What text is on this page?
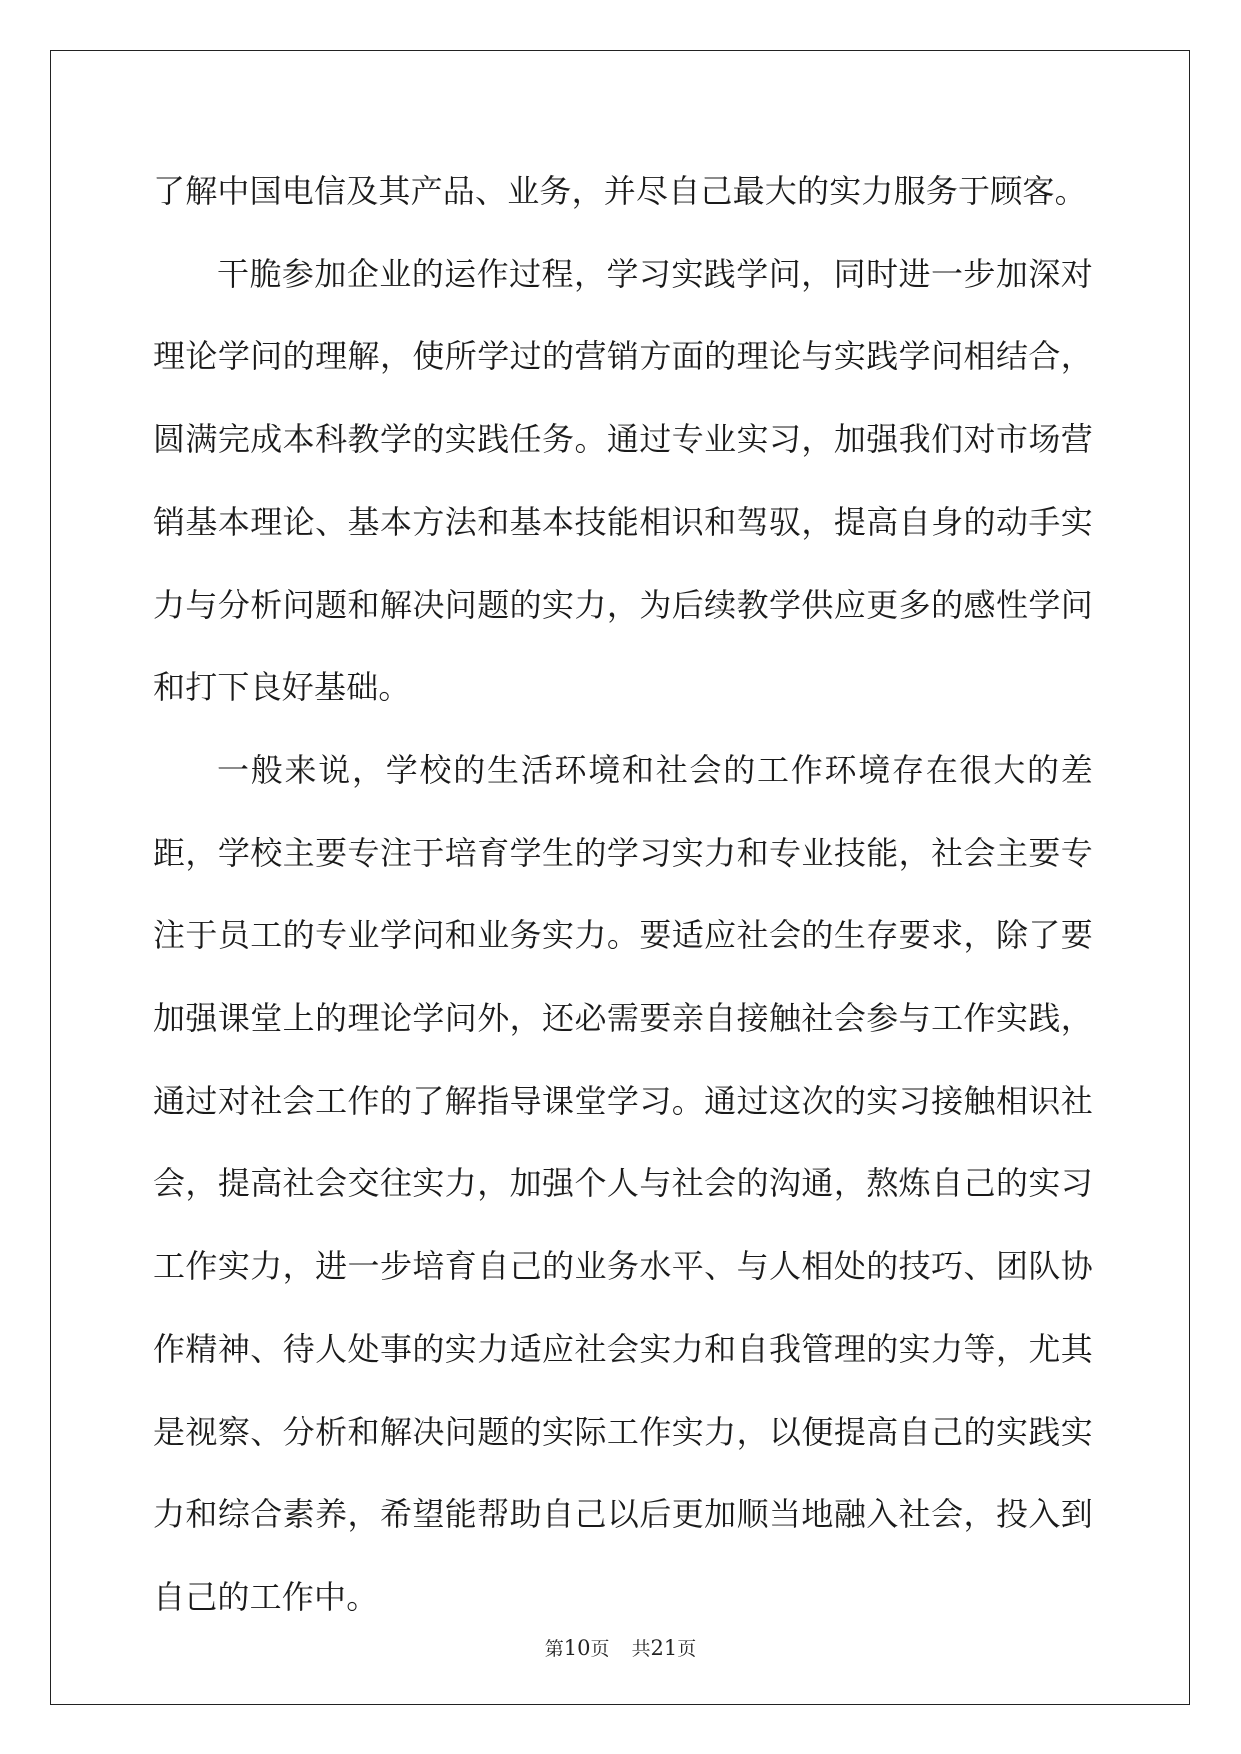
了解中国电信及其产品、业务，并尽自己最大的实力服务于顾客。

干脆参加企业的运作过程，学习实践学问，同时进一步加深对理论学问的理解，使所学过的营销方面的理论与实践学问相结合，圆满完成本科教学的实践任务。通过专业实习，加强我们对市场营销基本理论、基本方法和基本技能相识和驾驭，提高自身的动手实力与分析问题和解决问题的实力，为后续教学供应更多的感性学问和打下良好基础。

一般来说，学校的生活环境和社会的工作环境存在很大的差距，学校主要专注于培育学生的学习实力和专业技能，社会主要专注于员工的专业学问和业务实力。要适应社会的生存要求，除了要加强课堂上的理论学问外，还必需要亲自接触社会参与工作实践，通过对社会工作的了解指导课堂学习。通过这次的实习接触相识社会，提高社会交往实力，加强个人与社会的沟通，熬炼自己的实习工作实力，进一步培育自己的业务水平、与人相处的技巧、团队协作精神、待人处事的实力适应社会实力和自我管理的实力等，尤其是视察、分析和解决问题的实际工作实力，以便提高自己的实践实力和综合素养，希望能帮助自己以后更加顺当地融入社会，投入到自己的工作中。

第10页 共21页
